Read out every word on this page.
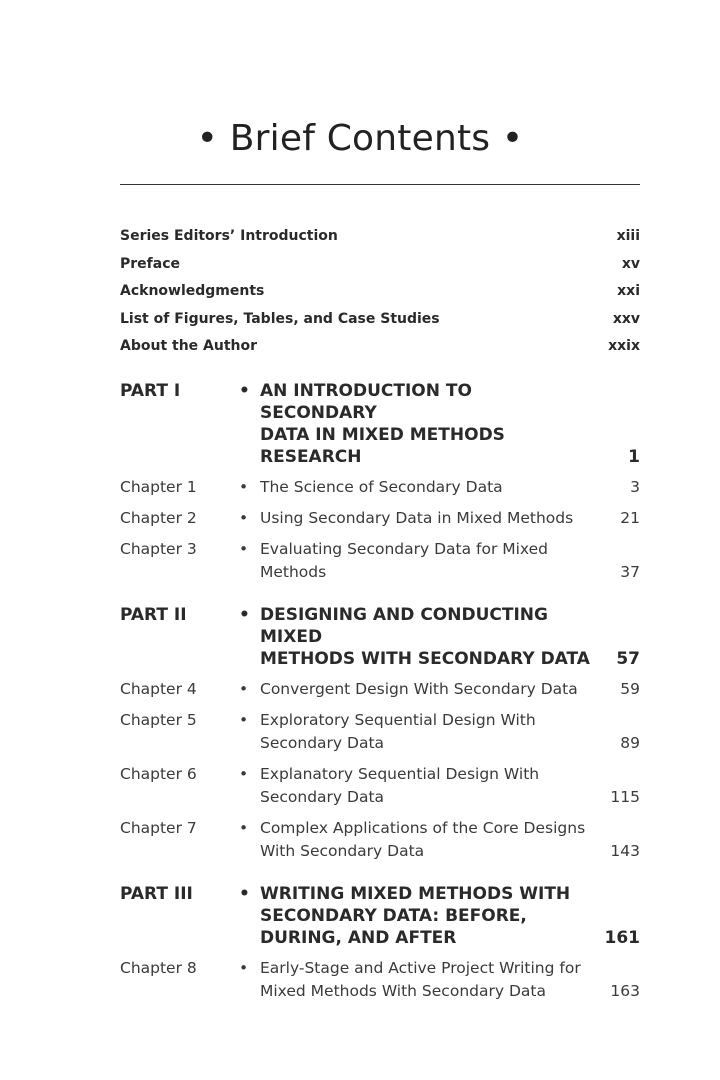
• Brief Contents •
Series Editors’ Introduction	xiii
Preface	xv
Acknowledgments	xxi
List of Figures, Tables, and Case Studies	xxv
About the Author	xxix
PART I	• AN INTRODUCTION TO SECONDARY
DATA IN MIXED METHODS RESEARCH	1
Chapter 1	• The Science of Secondary Data	3
Chapter 2	• Using Secondary Data in Mixed Methods	21
Chapter 3	• Evaluating Secondary Data for Mixed Methods	37
PART II	• DESIGNING AND CONDUCTING MIXED
METHODS WITH SECONDARY DATA 57
Chapter 4	• Convergent Design With Secondary Data	59
Chapter 5	• Exploratory Sequential Design With
Secondary Data	89
Chapter 6	• Explanatory Sequential Design With
Secondary Data	115
Chapter 7	• Complex Applications of the Core Designs
With Secondary Data	143
PART III	• WRITING MIXED METHODS WITH
SECONDARY DATA: BEFORE,
DURING, AND AFTER	161
Chapter 8	• Early-Stage and Active Project Writing for
Mixed Methods With Secondary Data	163
